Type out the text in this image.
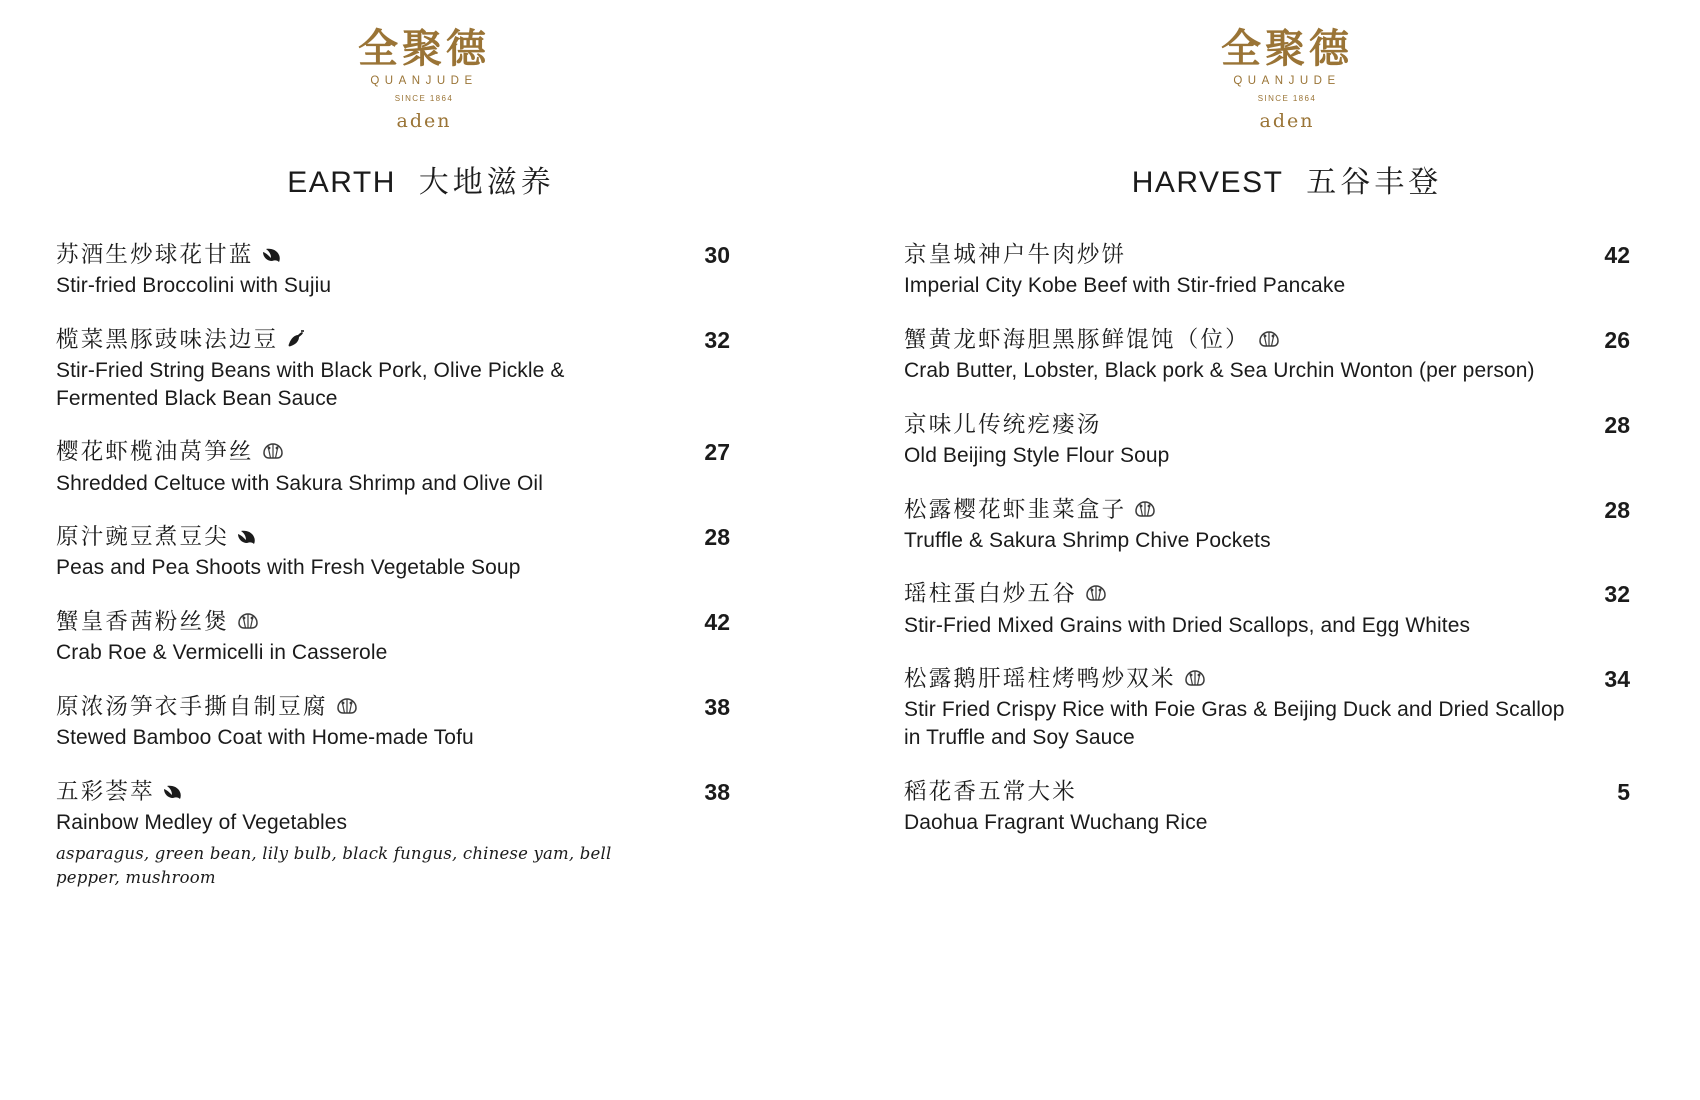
全聚德
QUANJUDE
SINCE 1864
aden
EARTH 大地滋养
苏酒生炒球花甘蓝
Stir-fried Broccolini with Sujiu
30
榄菜黑豚豉味法边豆
Stir-Fried String Beans with Black Pork, Olive Pickle & Fermented Black Bean Sauce
32
樱花虾榄油莴笋丝
Shredded Celtuce with Sakura Shrimp and Olive Oil
27
原汁豌豆煮豆尖
Peas and Pea Shoots with Fresh Vegetable Soup
28
蟹皇香茜粉丝煲
Crab Roe & Vermicelli in Casserole
42
原浓汤笋衣手撕自制豆腐
Stewed Bamboo Coat with Home-made Tofu
38
五彩荟萃
Rainbow Medley of Vegetables
asparagus, green bean, lily bulb, black fungus, chinese yam, bell pepper, mushroom
38
全聚德
QUANJUDE
SINCE 1864
aden
HARVEST 五谷丰登
京皇城神户牛肉炒饼
Imperial City Kobe Beef with Stir-fried Pancake
42
蟹黄龙虾海胆黑豚鲜馄饨（位）
Crab Butter, Lobster, Black pork & Sea Urchin Wonton (per person)
26
京味儿传统疙瘘汤
Old Beijing Style Flour Soup
28
松露樱花虾韭菜盒子
Truffle & Sakura Shrimp Chive Pockets
28
瑶柱蛋白炒五谷
Stir-Fried Mixed Grains with Dried Scallops, and Egg Whites
32
松露鹅肝瑶柱烤鸭炒双米
Stir Fried Crispy Rice with Foie Gras & Beijing Duck and Dried Scallop in Truffle and Soy Sauce
34
稻花香五常大米
Daohua Fragrant Wuchang Rice
5
